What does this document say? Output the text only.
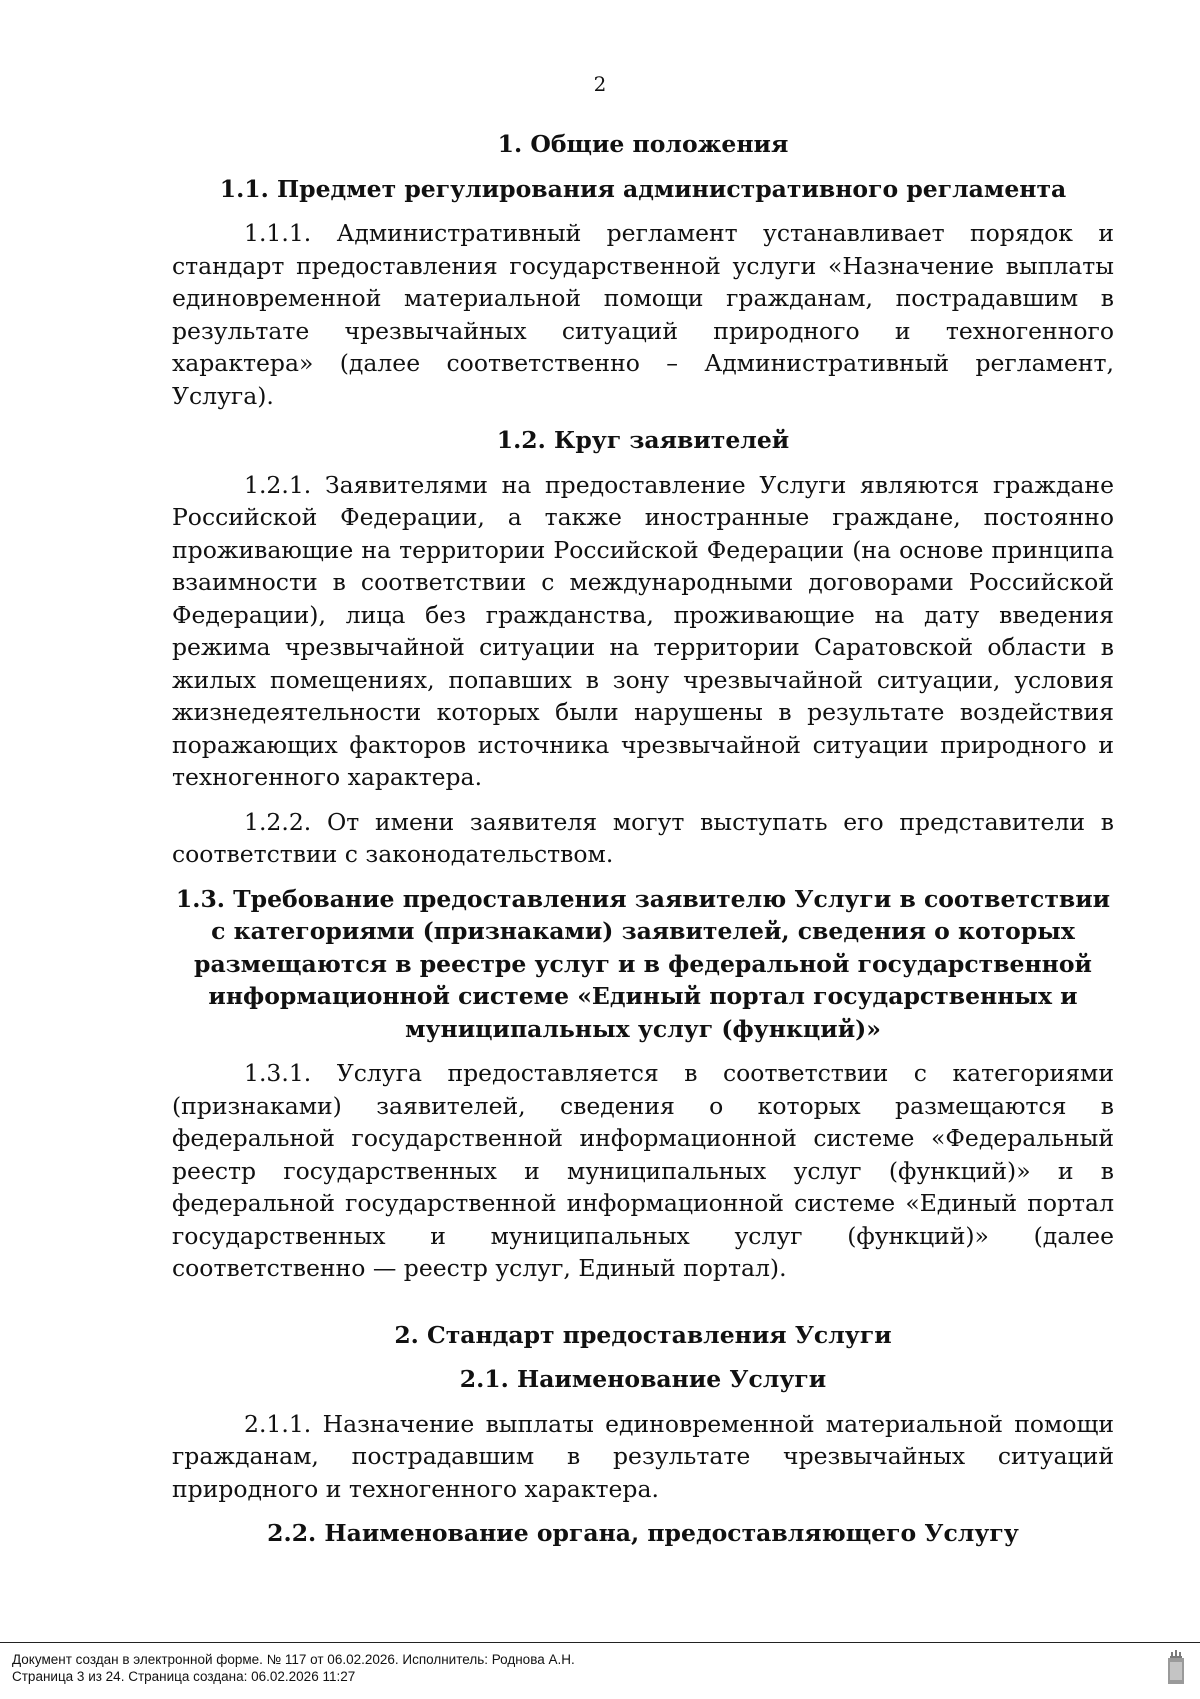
2
1. Общие положения
1.1. Предмет регулирования административного регламента

1.1.1. Административный регламент устанавливает порядок и стандарт предоставления государственной услуги «Назначение выплаты единовременной материальной помощи гражданам, пострадавшим в результате чрезвычайных ситуаций природного и техногенного характера» (далее соответственно – Административный регламент, Услуга).

1.2. Круг заявителей

1.2.1. Заявителями на предоставление Услуги являются граждане Российской Федерации, а также иностранные граждане, постоянно проживающие на территории Российской Федерации (на основе принципа взаимности в соответствии с международными договорами Российской Федерации), лица без гражданства, проживающие на дату введения режима чрезвычайной ситуации на территории Саратовской области в жилых помещениях, попавших в зону чрезвычайной ситуации, условия жизнедеятельности которых были нарушены в результате воздействия поражающих факторов источника чрезвычайной ситуации природного и техногенного характера.

1.2.2. От имени заявителя могут выступать его представители в соответствии с законодательством.

1.3. Требование предоставления заявителю Услуги в соответствии с категориями (признаками) заявителей, сведения о которых размещаются в реестре услуг и в федеральной государственной информационной системе «Единый портал государственных и муниципальных услуг (функций)»

1.3.1. Услуга предоставляется в соответствии с категориями (признаками) заявителей, сведения о которых размещаются в федеральной государственной информационной системе «Федеральный реестр государственных и муниципальных услуг (функций)» и в федеральной государственной информационной системе «Единый портал государственных и муниципальных услуг (функций)» (далее соответственно — реестр услуг, Единый портал).

2. Стандарт предоставления Услуги
2.1. Наименование Услуги

2.1.1. Назначение выплаты единовременной материальной помощи гражданам, пострадавшим в результате чрезвычайных ситуаций природного и техногенного характера.

2.2. Наименование органа, предоставляющего Услугу
Документ создан в электронной форме. № 117 от 06.02.2026. Исполнитель: Роднова А.Н.
Страница 3 из 24. Страница создана: 06.02.2026 11:27
